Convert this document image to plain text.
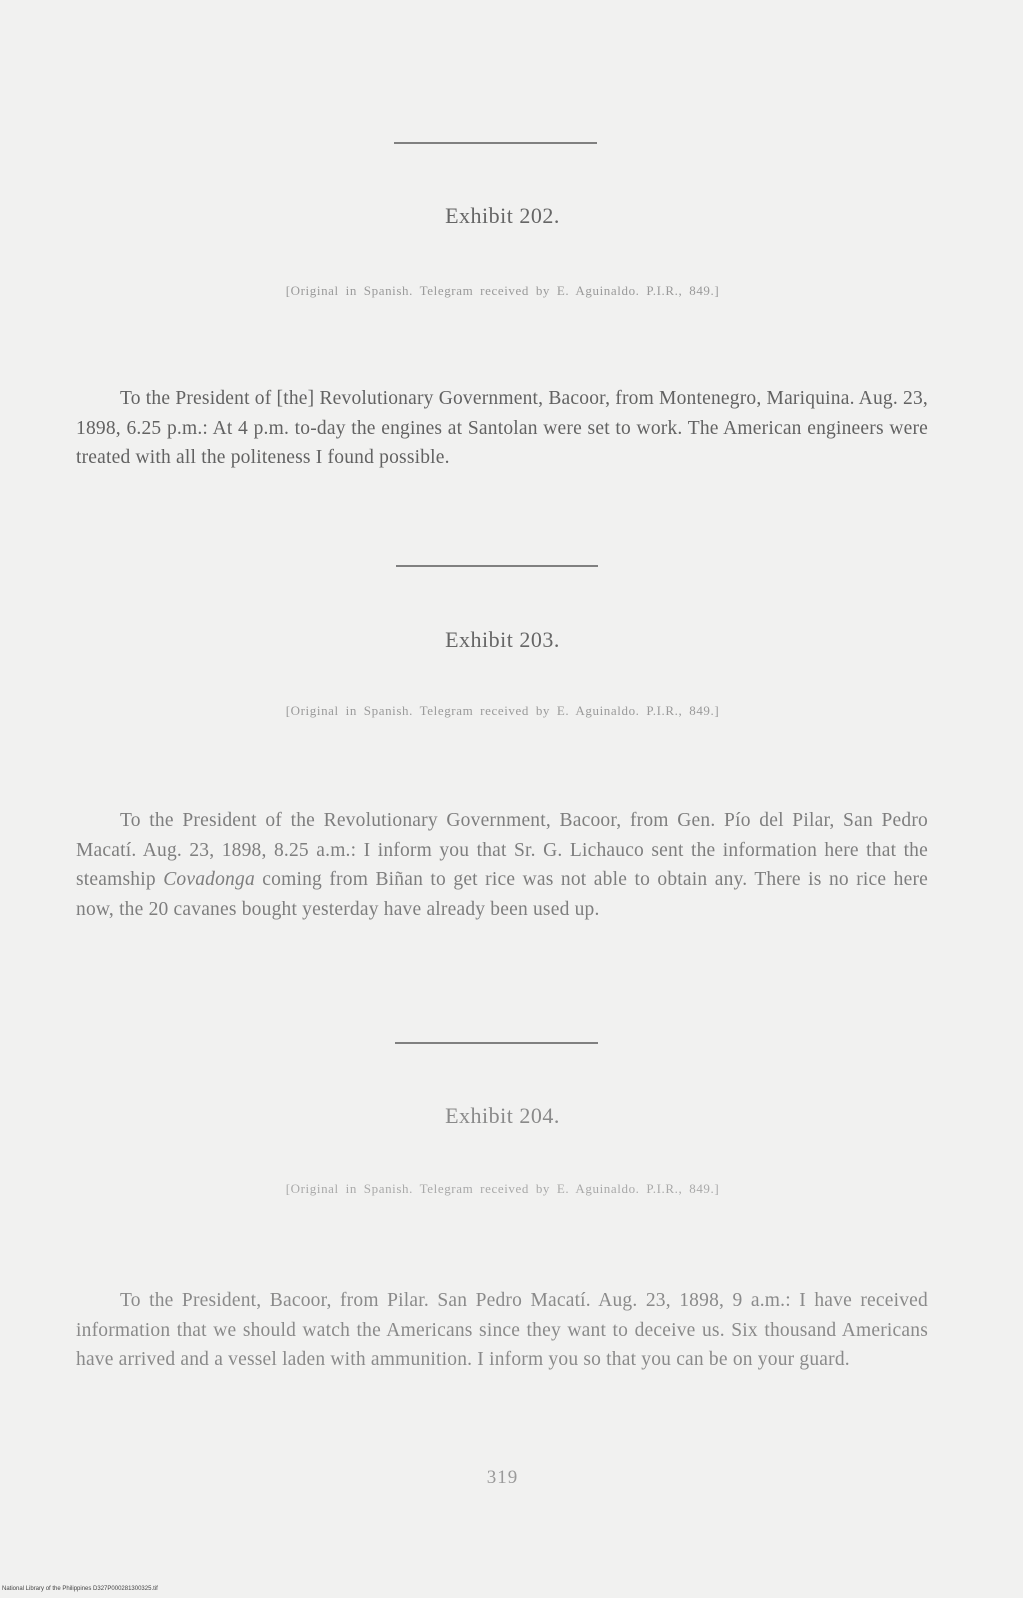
Exhibit 202.
[Original in Spanish. Telegram received by E. Aguinaldo. P.I.R., 849.]
To the President of [the] Revolutionary Government, Bacoor, from Montenegro, Mariquina. Aug. 23, 1898, 6.25 p.m.: At 4 p.m. to-day the engines at Santolan were set to work. The American engineers were treated with all the politeness I found possible.
Exhibit 203.
[Original in Spanish. Telegram received by E. Aguinaldo. P.I.R., 849.]
To the President of the Revolutionary Government, Bacoor, from Gen. Pío del Pilar, San Pedro Macatí. Aug. 23, 1898, 8.25 a.m.: I inform you that Sr. G. Lichauco sent the information here that the steamship Covadonga coming from Biñan to get rice was not able to obtain any. There is no rice here now, the 20 cavanes bought yesterday have already been used up.
Exhibit 204.
[Original in Spanish. Telegram received by E. Aguinaldo. P.I.R., 849.]
To the President, Bacoor, from Pilar. San Pedro Macatí. Aug. 23, 1898, 9 a.m.: I have received information that we should watch the Americans since they want to deceive us. Six thousand Americans have arrived and a vessel laden with ammunition. I inform you so that you can be on your guard.
319
National Library of the Philippines D327P000281300325.tif
